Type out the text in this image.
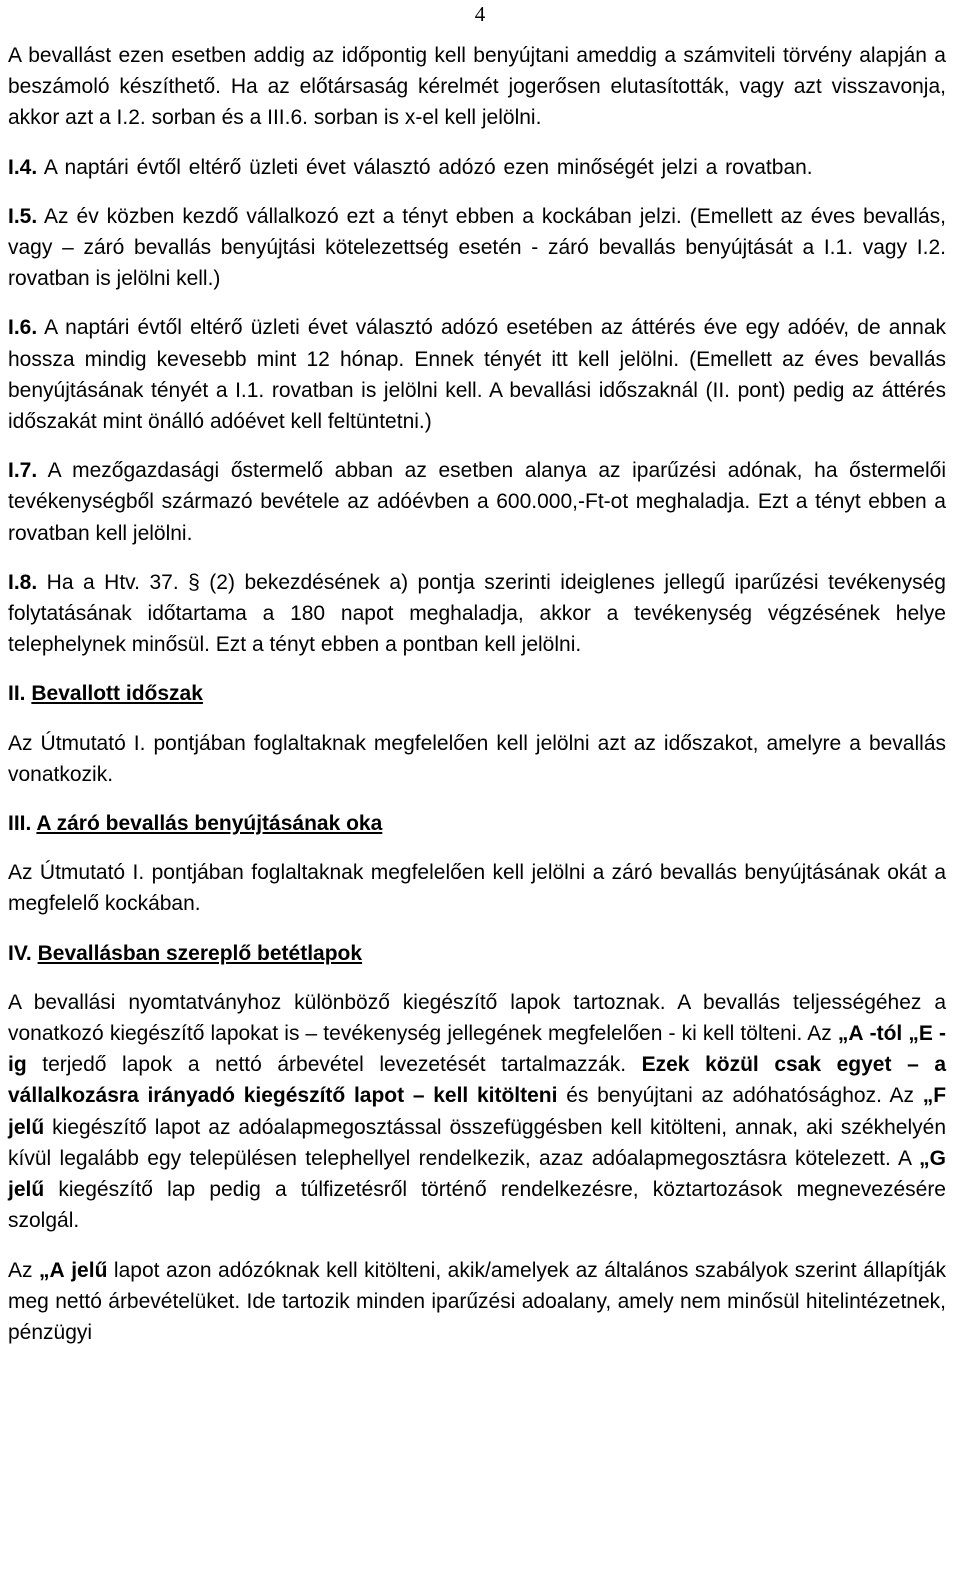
4

A bevallást ezen esetben addig az időpontig kell benyújtani ameddig a számviteli törvény alapján a beszámoló készíthető. Ha az előtársaság kérelmét jogerősen elutasították, vagy azt visszavonja, akkor azt a I.2. sorban és a III.6. sorban is x-el kell jelölni.

I.4. A naptári évtől eltérő üzleti évet választó adózó ezen minőségét jelzi a rovatban.

I.5. Az év közben kezdő vállalkozó ezt a tényt ebben a kockában jelzi. (Emellett az éves bevallás, vagy – záró bevallás benyújtási kötelezettség esetén - záró bevallás benyújtását a I.1. vagy I.2. rovatban is jelölni kell.)

I.6. A naptári évtől eltérő üzleti évet választó adózó esetében az áttérés éve egy adóév, de annak hossza mindig kevesebb mint 12 hónap. Ennek tényét itt kell jelölni. (Emellett az éves bevallás benyújtásának tényét a I.1. rovatban is jelölni kell. A bevallási időszaknál (II. pont) pedig az áttérés időszakát mint önálló adóévet kell feltüntetni.)

I.7. A mezőgazdasági őstermelő abban az esetben alanya az iparűzési adónak, ha őstermelői tevékenységből származó bevétele az adóévben a 600.000,-Ft-ot meghaladja. Ezt a tényt ebben a rovatban kell jelölni.

I.8. Ha a Htv. 37. § (2) bekezdésének a) pontja szerinti ideiglenes jellegű iparűzési tevékenység folytatásának időtartama a 180 napot meghaladja, akkor a tevékenység végzésének helye telephelynek minősül. Ezt a tényt ebben a pontban kell jelölni.

II. Bevallott időszak

Az Útmutató I. pontjában foglaltaknak megfelelően kell jelölni azt az időszakot, amelyre a bevallás vonatkozik.

III. A záró bevallás benyújtásának oka

Az Útmutató I. pontjában foglaltaknak megfelelően kell jelölni a záró bevallás benyújtásának okát a megfelelő kockában.

IV. Bevallásban szereplő betétlapok

A bevallási nyomtatványhoz különböző kiegészítő lapok tartoznak. A bevallás teljességéhez a vonatkozó kiegészítő lapokat is – tevékenység jellegének megfelelően - ki kell tölteni. Az „A -tól „E -ig terjedő lapok a nettó árbevétel levezetését tartalmazzák. Ezek közül csak egyet – a vállalkozásra irányadó kiegészítő lapot – kell kitölteni és benyújtani az adóhatósághoz. Az „F jelű kiegészítő lapot az adóalapmegosztással összefüggésben kell kitölteni, annak, aki székhelyén kívül legalább egy településen telephellyel rendelkezik, azaz adóalapmegosztásra kötelezett. A „G jelű kiegészítő lap pedig a túlfizetésről történő rendelkezésre, köztartozások megnevezésére szolgál.

Az „A jelű lapot azon adózóknak kell kitölteni, akik/amelyek az általános szabályok szerint állapítják meg nettó árbevételüket. Ide tartozik minden iparűzési adoalany, amely nem minősül hitelintézetnek, pénzügyi
